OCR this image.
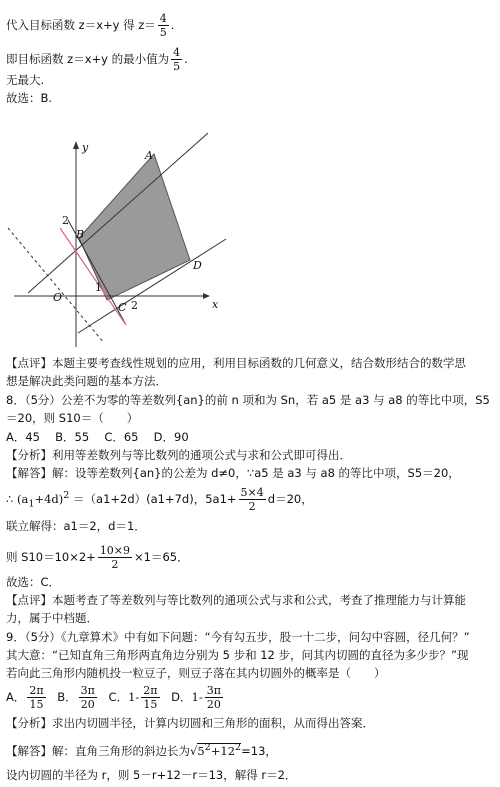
代入目标函数 z＝x+y 得 $z= \frac{4}{5}$ .
即目标函数 z＝x+y 的最小值为 $\frac{4}{5}$ .
无最大.
故选：B.
y
x
O
A
B
C
D
1
2
2
【点评】本题主要考查线性规划的应用，利用目标函数的几何意义，结合数形结合的数学思
想是解决此类问题的基本方法．
8．（5分）公差不为零的等差数列{an}的前 n 项和为 Sn，若 a5 是 a3 与 a8 的等比中项，S5
＝20，则 S10＝（　　）
A．45　 B．55　 C．65　 D．90
【分析】利用等差数列与等比数列的通项公式与求和公式即可得出．
【解答】解：设等差数列{an}的公差为 d≠0，∵a5 是 a3 与 a8 的等比中项，S5＝20，
∴ $(a_1+4d)^2 =(a1+2d)(a1+7d)$，$5a1+ \frac{5\times 4}{2} d=20$，
联立解得：a1＝2，d＝1．
则 $S10=10\times 2+ \frac{10\times 9}{2} \times 1=65$．
故选：C．
【点评】本题考查了等差数列与等比数列的通项公式与求和公式，考查了推理能力与计算能
力，属于中档题．
9．（5分）《九章算术》中有如下问题：“今有勾五步，股一十二步，问勾中容圆，径几何？”
其大意：“已知直角三角形两直角边分别为 5 步和 12 步，问其内切圆的直径为多少步？”现
若向此三角形内随机投一粒豆子，则豆子落在其内切圆外的概率是（　　）
A． $\frac{2\pi}{15}$ B． $\frac{3\pi}{20}$ C．$1- \frac{2\pi}{15}$ D．$1- \frac{3\pi}{20}$
【分析】求出内切圆半径，计算内切圆和三角形的面积，从而得出答案．
【解答】解：直角三角形的斜边长为$√5^2+12^2=13$，
设内切圆的半径为 r，则 5－r+12－r＝13，解得 r＝2．
